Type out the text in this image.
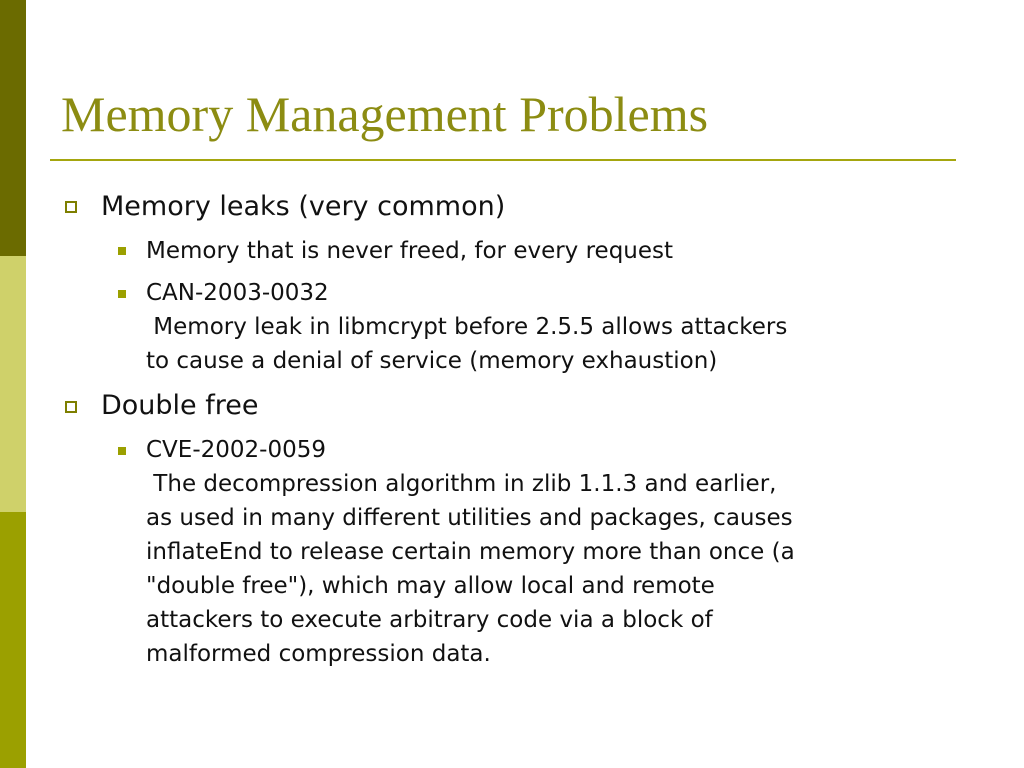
Memory Management Problems
Memory leaks (very common)
Memory that is never freed, for every request
CAN-2003-0032
Memory leak in libmcrypt before 2.5.5 allows attackers
to cause a denial of service (memory exhaustion)
Double free
CVE-2002-0059
The decompression algorithm in zlib 1.1.3 and earlier,
as used in many different utilities and packages, causes
inflateEnd to release certain memory more than once (a
"double free"), which may allow local and remote
attackers to execute arbitrary code via a block of
malformed compression data.
